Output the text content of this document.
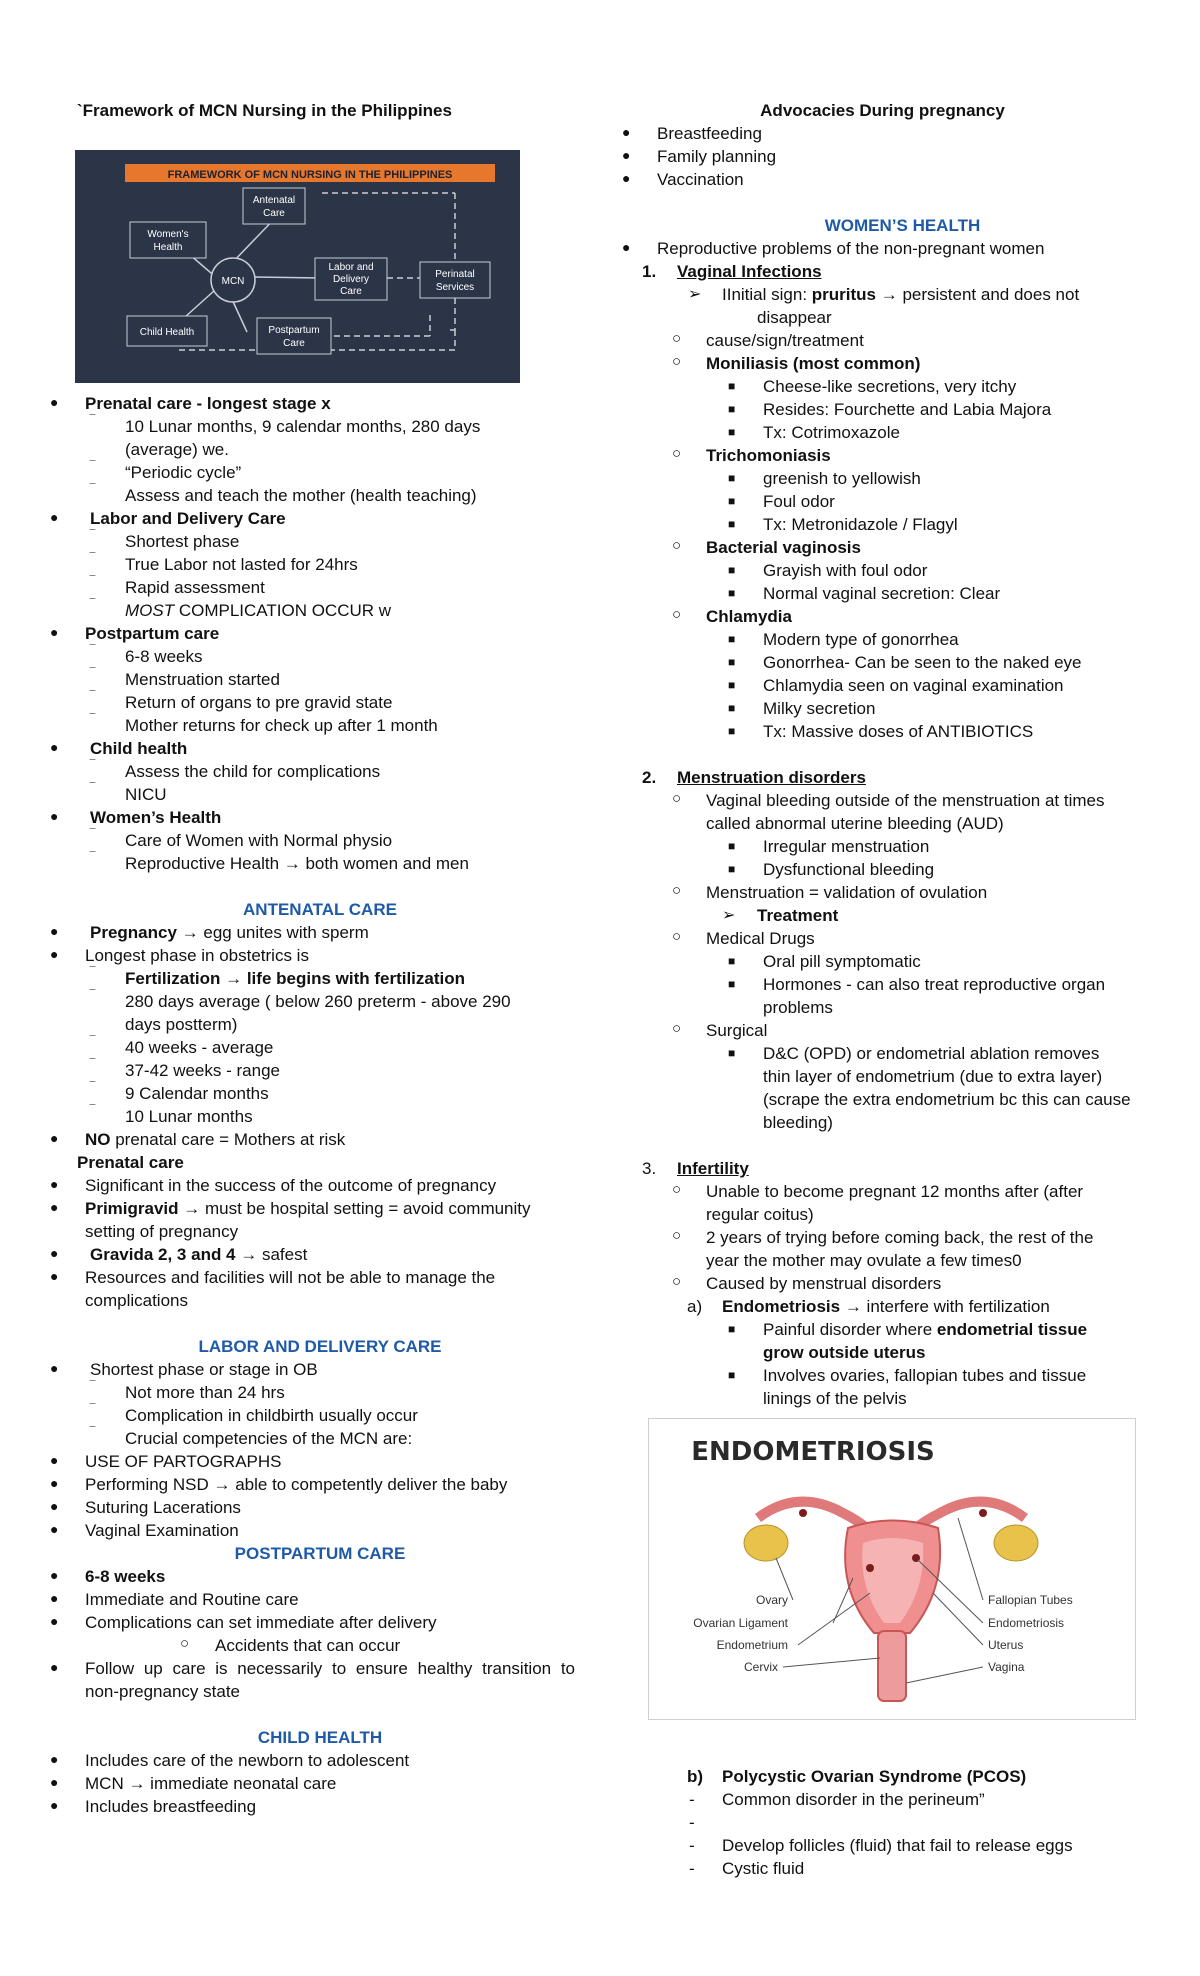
`Framework of MCN Nursing in the Philippines
FRAMEWORK OF MCN NURSING IN THE PHILIPPINES
MCN
Antenatal
Care
Women's
Health
Labor and
Delivery
Care
Perinatal
Services
Child Health	Postpartum
Care
● Prenatal care - longest stage x
‾ 10 Lunar months, 9 calendar months, 280 days
(average) we.
‾ “Periodic cycle”
‾ Assess and teach the mother (health teaching)
● Labor and Delivery Care
‾ Shortest phase
‾ True Labor not lasted for 24hrs
‾ Rapid assessment
‾ MOST COMPLICATION OCCUR w
● Postpartum care
‾ 6-8 weeks
‾ Menstruation started
‾ Return of organs to pre gravid state
‾ Mother returns for check up after 1 month
● Child health
‾ Assess the child for complications
‾ NICU
● Women’s Health
‾ Care of Women with Normal physio
‾ Reproductive Health → both women and men
ANTENATAL CARE
● Pregnancy → egg unites with sperm
● Longest phase in obstetrics is
‾ Fertilization → life begins with fertilization
‾ 280 days average ( below 260 preterm - above 290
days postterm)
‾ 40 weeks - average
‾ 37-42 weeks - range
‾ 9 Calendar months
‾ 10 Lunar months
● NO prenatal care = Mothers at risk
Prenatal care
● Significant in the success of the outcome of pregnancy
● Primigravid → must be hospital setting = avoid community
setting of pregnancy
● Gravida 2, 3 and 4 → safest
● Resources and facilities will not be able to manage the
complications
LABOR AND DELIVERY CARE
● Shortest phase or stage in OB
‾ Not more than 24 hrs
‾ Complication in childbirth usually occur
‾ Crucial competencies of the MCN are:
● USE OF PARTOGRAPHS
● Performing NSD → able to competently deliver the baby
● Suturing Lacerations
● Vaginal Examination
POSTPARTUM CARE
● 6-8 weeks
● Immediate and Routine care
● Complications can set immediate after delivery
○ Accidents that can occur
● Follow up care is necessarily to ensure healthy transition to
non-pregnancy state
CHILD HEALTH
● Includes care of the newborn to adolescent
● MCN → immediate neonatal care
● Includes breastfeeding
Advocacies During pregnancy
● Breastfeeding
● Family planning
● Vaccination
WOMEN’S HEALTH
● Reproductive problems of the non-pregnant women
1. Vaginal Infections
➢ IInitial sign: pruritus → persistent and does not
disappear
○ cause/sign/treatment
○ Moniliasis (most common)
■ Cheese-like secretions, very itchy
■ Resides: Fourchette and Labia Majora
■ Tx: Cotrimoxazole
○ Trichomoniasis
■ greenish to yellowish
■ Foul odor
■ Tx: Metronidazole / Flagyl
○ Bacterial vaginosis
■ Grayish with foul odor
■ Normal vaginal secretion: Clear
○ Chlamydia
■ Modern type of gonorrhea
■ Gonorrhea- Can be seen to the naked eye
■ Chlamydia seen on vaginal examination
■ Milky secretion
■ Tx: Massive doses of ANTIBIOTICS
2. Menstruation disorders
○ Vaginal bleeding outside of the menstruation at times
called abnormal uterine bleeding (AUD)
■ Irregular menstruation
■ Dysfunctional bleeding
○ Menstruation = validation of ovulation
➢ Treatment
○ Medical Drugs
■ Oral pill symptomatic
■ Hormones - can also treat reproductive organ
problems
○ Surgical
■ D&C (OPD) or endometrial ablation removes
thin layer of endometrium (due to extra layer)
(scrape the extra endometrium bc this can cause
bleeding)
3. Infertility
○ Unable to become pregnant 12 months after (after
regular coitus)
○ 2 years of trying before coming back, the rest of the
year the mother may ovulate a few times0
○ Caused by menstrual disorders
a) Endometriosis → interfere with fertilization
■ Painful disorder where endometrial tissue
grow outside uterus
■ Involves ovaries, fallopian tubes and tissue
linings of the pelvis
ENDOMETRIOSIS
Ovary
Ovarian Ligament
Endometrium
Cervix
Fallopian Tubes
Endometriosis
Uterus
Vagina
b) Polycystic Ovarian Syndrome (PCOS)
- Common disorder in the perineum”
-
- Develop follicles (fluid) that fail to release eggs
- Cystic fluid
